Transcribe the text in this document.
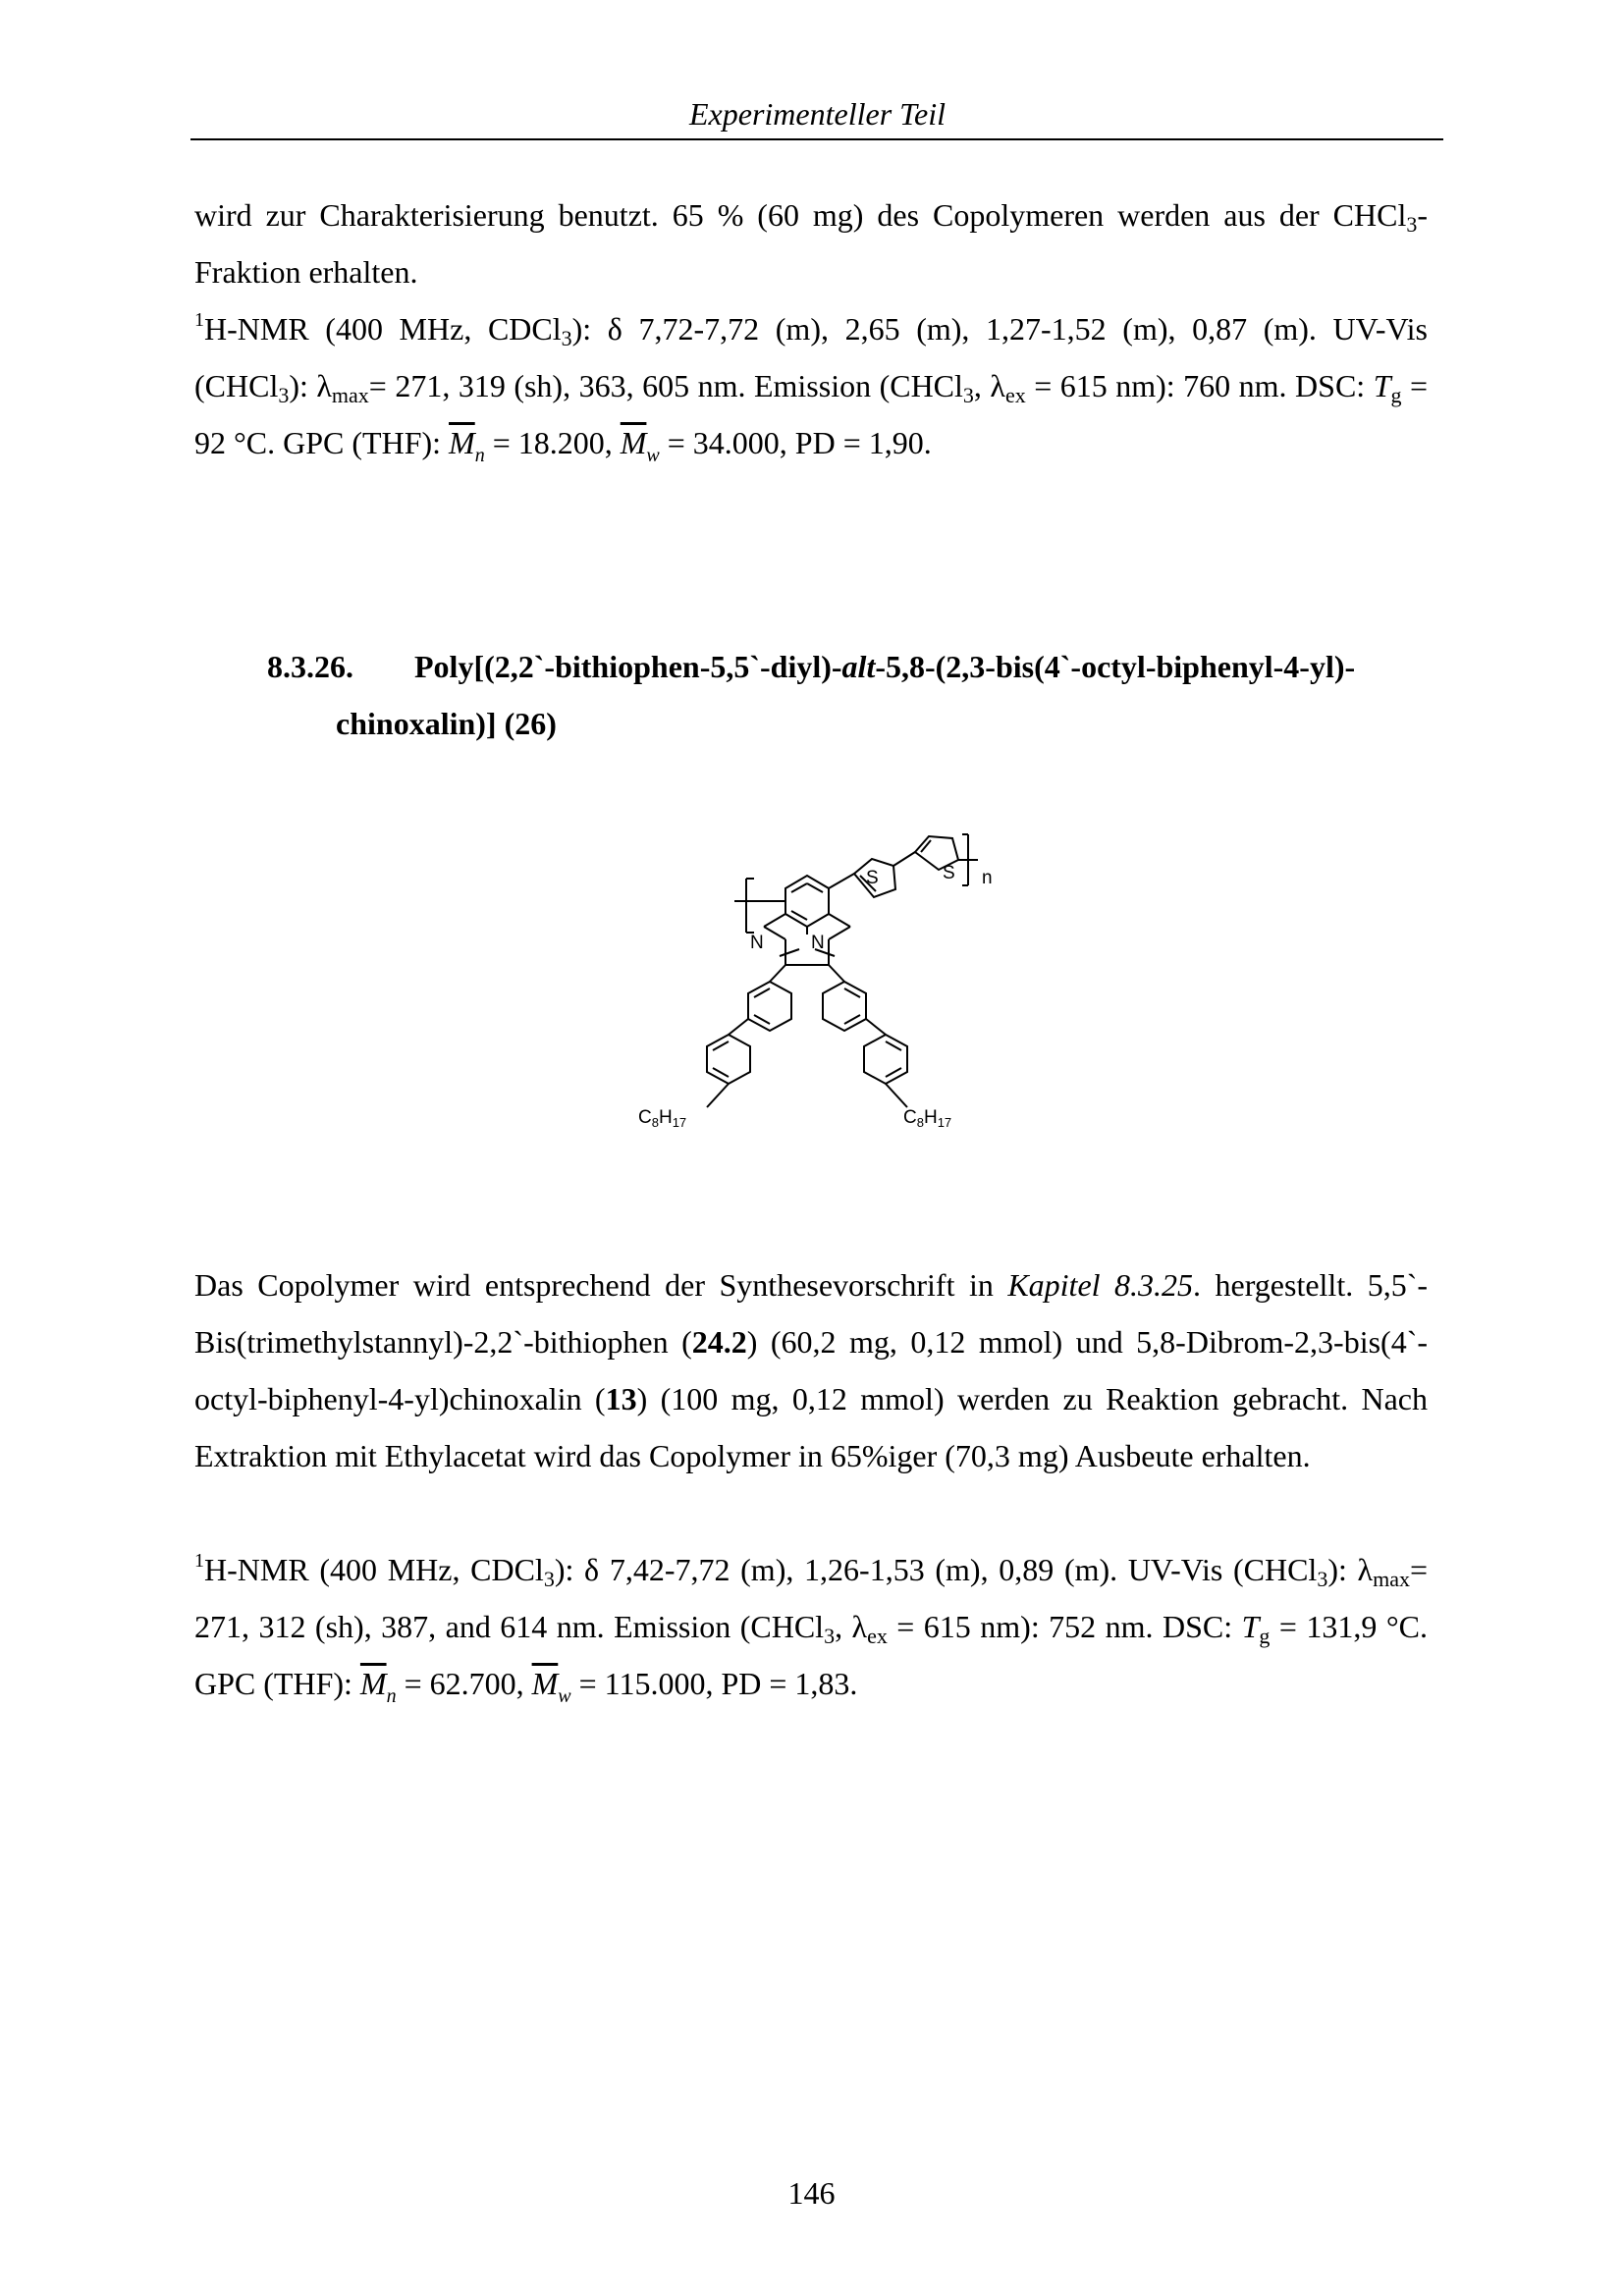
Experimenteller Teil

wird zur Charakterisierung benutzt. 65 % (60 mg) des Copolymeren werden aus der CHCl$_3$-Fraktion erhalten.

$^1$H-NMR (400 MHz, CDCl$_3$): δ 7,72-7,72 (m), 2,65 (m), 1,27-1,52 (m), 0,87 (m). UV-Vis (CHCl$_3$): $\lambda_{max}= 271$, 319 (sh), 363, 605 nm. Emission (CHCl$_3$, $\lambda_{ex} = 615$ nm): 760 nm. DSC: $T_g = 92$ °C. GPC (THF): $\overline{M}_n = 18.200$, $\overline{M}_w = 34.000$, PD = 1,90.

8.3.26. Poly[(2,2`-bithiophen-5,5`-diyl)-alt-5,8-(2,3-bis(4`-octyl-biphenyl-4-yl)-
chinoxalin)] (26)
S	S
N	N
n
$C_8H_{17}$	$C_8H_{17}$

Das Copolymer wird entsprechend der Synthesevorschrift in Kapitel 8.3.25. hergestellt. 5,5`-Bis(trimethylstannyl)-2,2`-bithiophen (24.2) (60,2 mg, 0,12 mmol) und 5,8-Dibrom-2,3-bis(4`-octyl-biphenyl-4-yl)chinoxalin (13) (100 mg, 0,12 mmol) werden zu Reaktion gebracht. Nach Extraktion mit Ethylacetat wird das Copolymer in 65%iger (70,3 mg) Ausbeute erhalten.

$^1$H-NMR (400 MHz, CDCl$_3$): δ 7,42-7,72 (m), 1,26-1,53 (m), 0,89 (m). UV-Vis (CHCl$_3$): $\lambda_{max}= 271$, 312 (sh), 387, and 614 nm. Emission (CHCl$_3$, $\lambda_{ex} = 615$ nm): 752 nm. DSC: $T_g = 131,9$ °C. GPC (THF): $\overline{M}_n = 62.700$, $\overline{M}_w = 115.000$, PD = 1,83.

146
